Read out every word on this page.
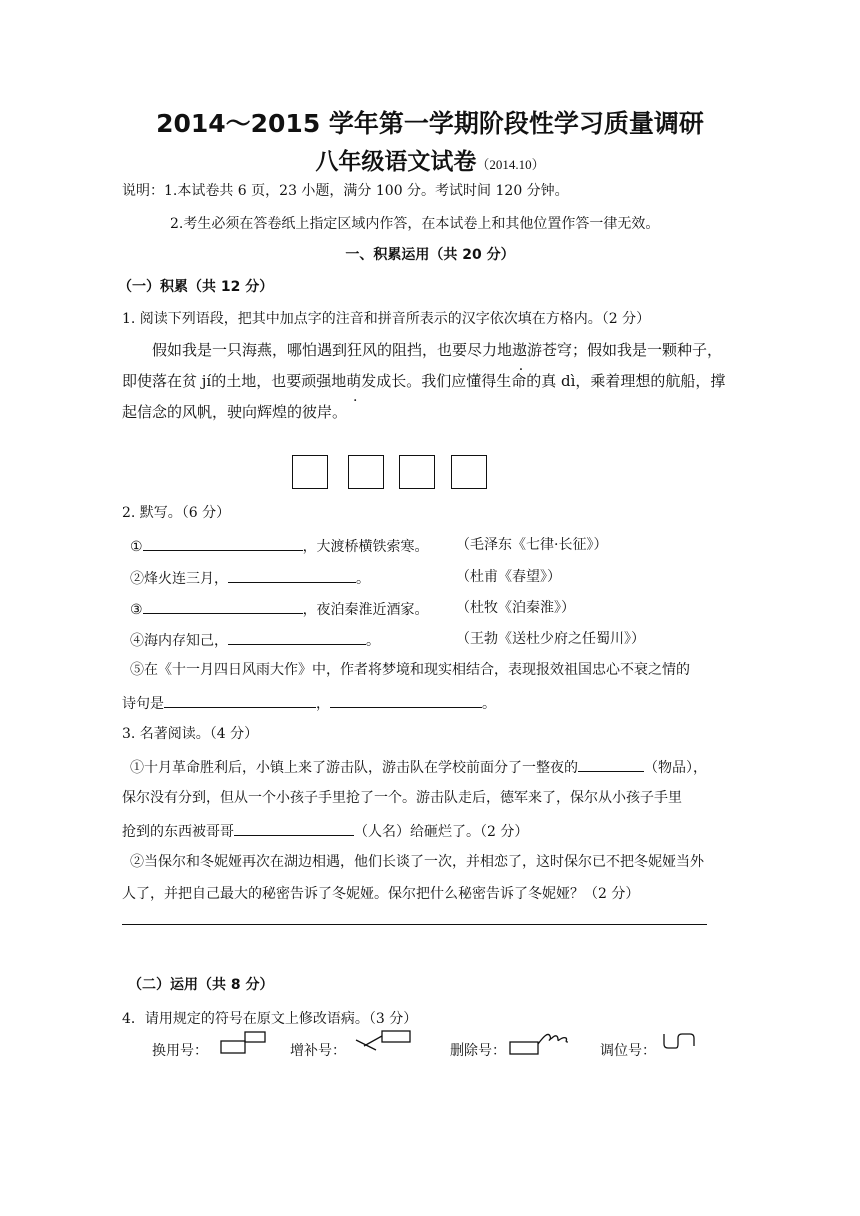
2014～2015 学年第一学期阶段性学习质量调研
八年级语文试卷（2014.10）
说明：1.本试卷共 6 页，23 小题，满分 100 分。考试时间 120 分钟。
2.考生必须在答卷纸上指定区域内作答，在本试卷上和其他位置作答一律无效。
一、积累运用（共 20 分）
（一）积累（共 12 分）
1. 阅读下列语段，把其中加点字的注音和拼音所表示的汉字依次填在方格内。（2 分）
假如我是一只海燕，哪怕遇到狂风的阻挡，也要尽力地遨游苍穹；假如我是一颗种子，
即使落在贫 jí的土地，也要顽强地萌发成长。我们应懂得生命的真 dì，乘着理想的航船，撑
起信念的风帆，驶向辉煌的彼岸。
2. 默写。（6 分）
①	，大渡桥横铁索寒。 （毛泽东《七律·长征》）
②烽火连三月，	。	（杜甫《春望》）
③	，夜泊秦淮近酒家。 （杜牧《泊秦淮》）
④海内存知己，	。	（王勃《送杜少府之任蜀川》）
⑤在《十一月四日风雨大作》中，作者将梦境和现实相结合，表现报效祖国忠心不衰之情的
诗句是	，	。
3. 名著阅读。（4 分）
①十月革命胜利后，小镇上来了游击队，游击队在学校前面分了一整夜的	（物品），
保尔没有分到，但从一个小孩子手里抢了一个。游击队走后，德军来了，保尔从小孩子手里
抢到的东西被哥哥	（人名）给砸烂了。（2 分）
②当保尔和冬妮娅再次在湖边相遇，他们长谈了一次，并相恋了，这时保尔已不把冬妮娅当外
人了，并把自己最大的秘密告诉了冬妮娅。保尔把什么秘密告诉了冬妮娅？（2 分）
（二）运用（共 8 分）
4．请用规定的符号在原文上修改语病。（3 分）
换用号：	增补号：	删除号：	调位号：
